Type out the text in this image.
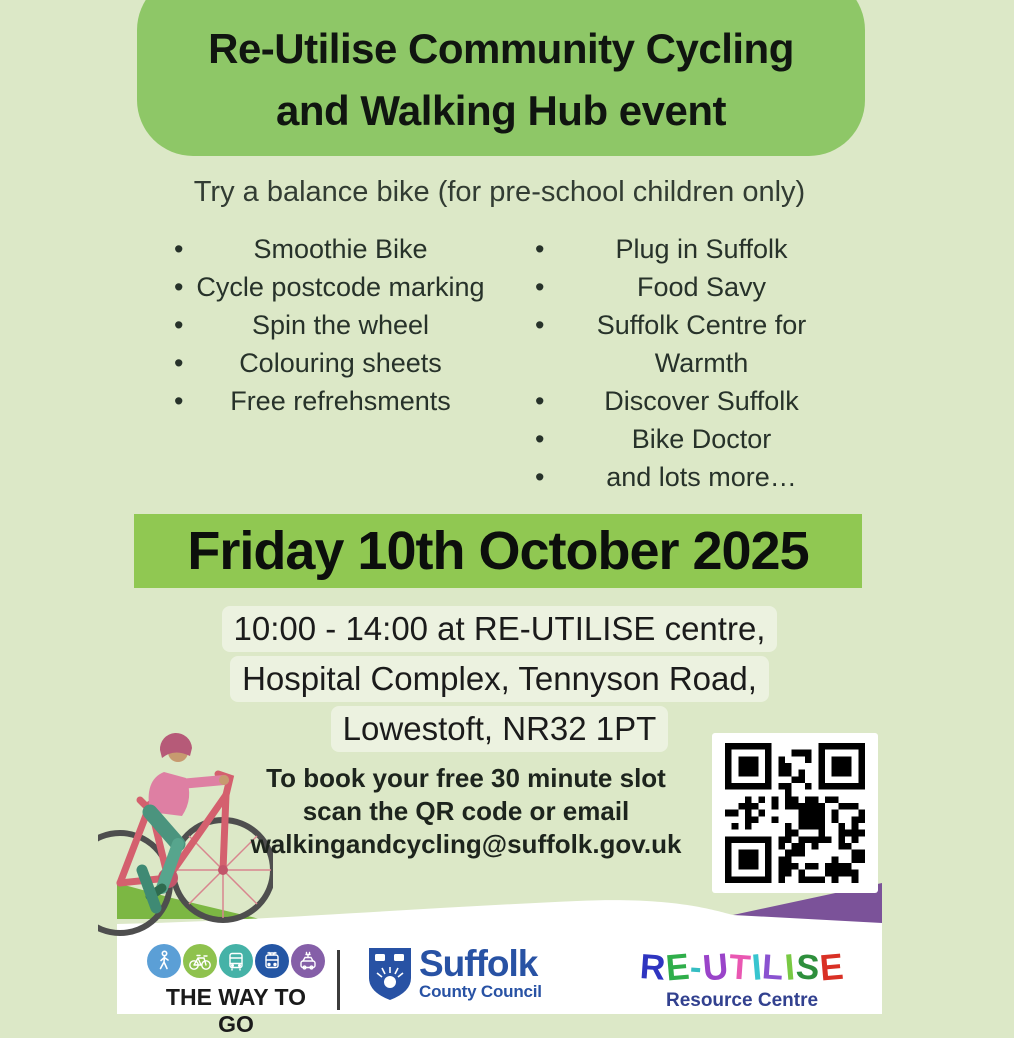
Re-Utilise Community Cycling
and Walking Hub event
Try a balance bike (for pre-school children only)
•	Smoothie Bike
• Cycle postcode marking
•	Spin the wheel
• Colouring sheets
• Free refrehsments
•	Plug in Suffolk
•	Food Savy
• Suffolk Centre for Warmth
• Discover Suffolk
•	Bike Doctor
• and lots more…
Friday 10th October 2025
10:00 - 14:00 at RE-UTILISE centre,
Hospital Complex, Tennyson Road,
Lowestoft, NR32 1PT
To book your free 30 minute slot
scan the QR code or email
walkingandcycling@suffolk.gov.uk
THE WAY TO GO
Suffolk
County Council
RE-UTILISE
Resource Centre
